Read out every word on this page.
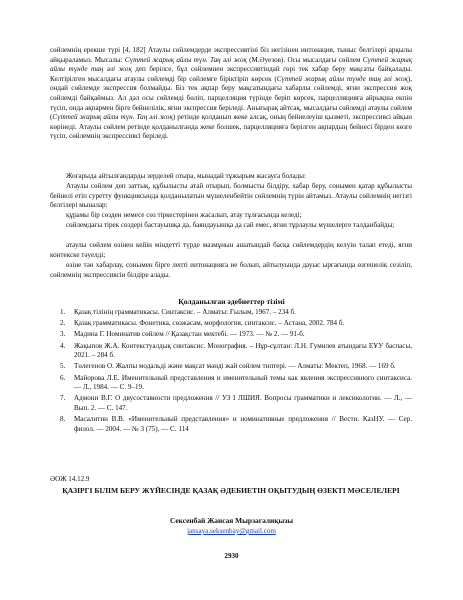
сөйлемнің ерекше түрі [4, 182] Атаулы сөйлемдерде экспрессивтіні біз негізінен интонация, тыныс белгілері арқылы айқыраламыз. Мысалы: Сүттей жарық айлы түн. Таң әлі жоқ (М.Әуезов). Осы мысалдағы сөйлем Сүттей жарық айлы түнде таң әлі жоқ деп берілсе, бұл сөйлемнен экспрессивтіндай гөрі тек хабар беру мақсаты байқалады. Келтірілген мысалдағы атаулы сөйлемді бір сөйлемге біріктіріп көрсек (Сүттей жарық айлы түнде таң әлі жоқ), ондай сөйлемде экспрессия болмайды. Біз тек ақпар беру мақсатындағы хабарлы сөйлемді, яғни экспрессия жоқ сөйлемді байқаймыз. Ал дәл осы сөйлемді бөліп, парцелляция түрінде беріп көрсек, парцелляцияға айрықша екпін түсіп, онда ақпармен бірге бейнелілік, яғни экспрессия беріледі. Анығырақ айтсақ, мысалдағы сөйлемді атаулы сөйлем (Сүттей жарық айлы түн. Таң әлі жоқ) ретінде қолданып жеке алсақ, оның бейнелеуіш қызметі, экспрессивсі айқын көрінеді. Атаулы сөйлем ретінде қолданылғанда жеке болшек, парцелляцияға берілген ақпардың бейнесі бірден көзге түсіп, сөйлемнің экспрессивсі беріледі.

Жоғарыда айтылғандарды зерделей отыра, мынадай тұжырым жасауға болады:

Атаулы сөйлем деп заттық, құбылысты атай отырып, болмысты білдіру, хабар беру, сонымен қатар құбылысты бейнелі етіп суретту функциясында қолданылатын мүшеленбейтін сөйлемнің түрін айтамыз. Атаулы сөйлемнің негізгі белгілері мыналар:

құрамы бір сөзден немесе сөз тіркестерінен жасалып, атау тұлғасында келеді;

сөйлемдағы тірек сөздері бастауышқа да, баяндауышқа да сай емес, яғни тұрлаулы мүшелерге талданбайды;

атаулы сөйлем өзінен кейін міндетті түрде мазмұнын ашатындай басқа сөйлемдердің келуін талап етеді, яғни контекске тәуелді;

өзіне тән хабарлау, сонымен бірге лепті интонацияға ие болып, айтылуында дауыс ырғағында өзгешелік сезіліп, сөйлемнің экспрессивсін білдіре алады.

Қолданылған әдебиеттер тізімі

1. Қазақ тілінің грамматикасы. Синтаксис. – Алматы: Ғылым, 1967. – 234 б.
2. Қазақ грамматикасы. Фонетика, сөзжасам, морфология, синтаксис. – Астана, 2002. 784 б.
3. Мадина Г. Номинатив сөйлем // Қазақстан мектебі. — 1973. — № 2. — 91-б.
4. Жақыпов Ж.А. Контекстуалдық синтаксис. Монография. – Нұр-сұлтан: Л.Н. Гумилев атындағы ЕҰУ баспасы, 2021. – 284 б.
5. Төлегенов О. Жалпы модальді және мақсат мәнді жай сөйлем типтері. — Алматы: Мектеп, 1968. — 169 б.
6. Майорова Л.Е. Именительный представления и именительный темы как явления экспрессивного синтаксиса. — Л., 1984. — С. 9–19.
7. Адмони В.Г. О двусоставности предложения // УЗ I ЛШИЯ. Вопросы грамматики и лексикологии. — Л., —Вып. 2. — С. 147.
8. Масалитин В.В. «Именительный представления» и номинативные предложения // Вестн. КазНУ. — Сер. филол. — 2004. — № 3 (75). — С. 114

ӘОЖ 14.12.9

ҚАЗІРГІ БІЛІМ БЕРУ ЖҮЙЕСІНДЕ ҚАЗАҚ ӘДЕБИЕТІН ОҚЫТУДЫҢ ӨЗЕКТІ МӘСЕЛЕЛЕРІ

Сексенбай Жансая Мырзагалиқызы

jansaya.seksenbay@gmail.com

2930
